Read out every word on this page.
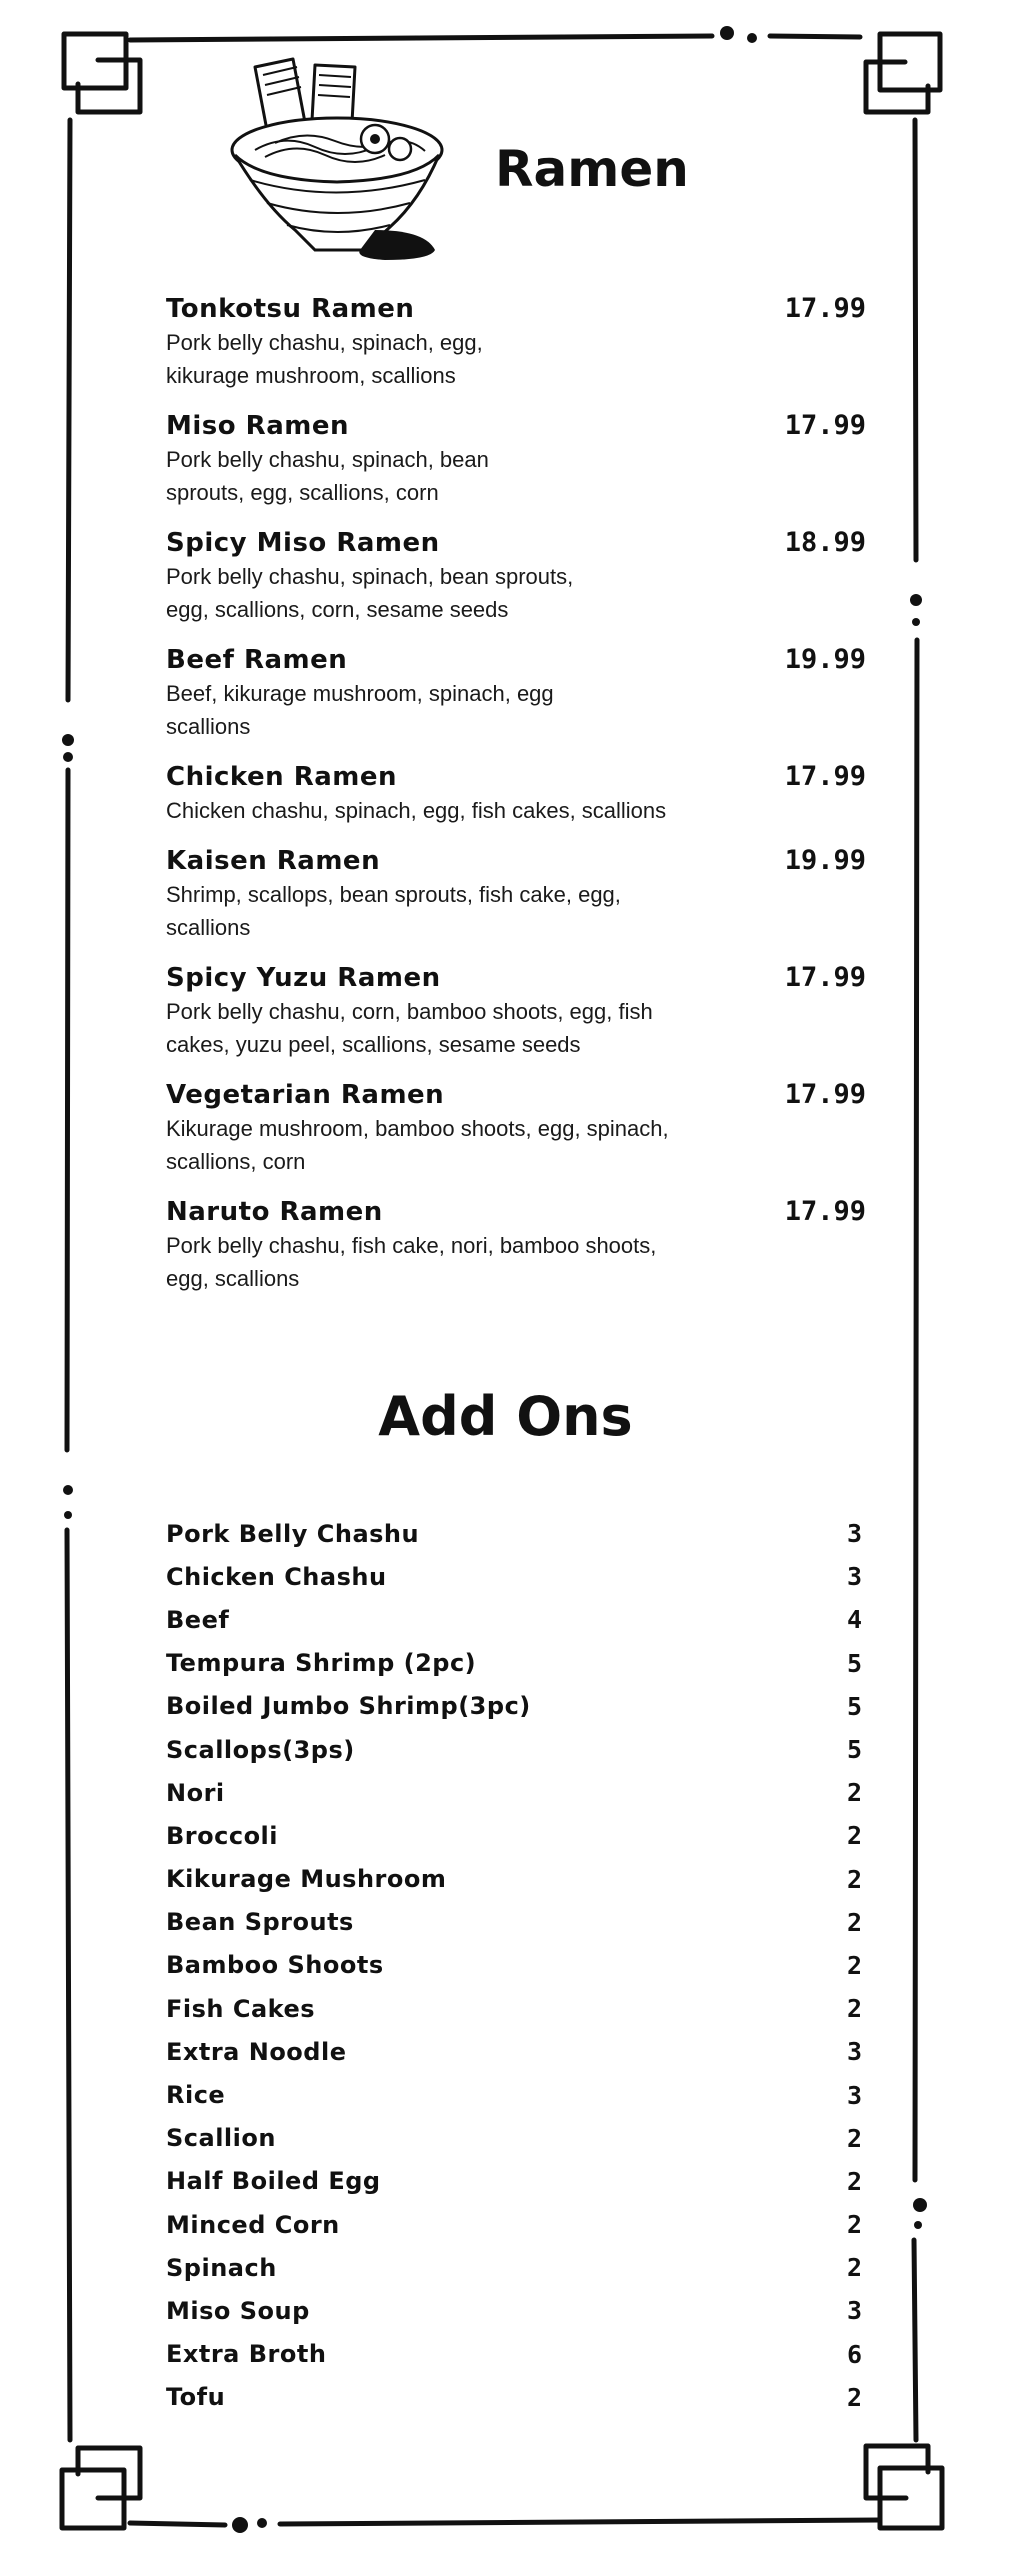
Ramen
Tonkotsu Ramen	17.99
Pork belly chashu, spinach, egg,
kikurage mushroom, scallions
Miso Ramen	17.99
Pork belly chashu, spinach, bean
sprouts, egg, scallions, corn
Spicy Miso Ramen	18.99
Pork belly chashu, spinach, bean sprouts,
egg, scallions, corn, sesame seeds
Beef Ramen	19.99
Beef, kikurage mushroom, spinach, egg
scallions
Chicken Ramen	17.99
Chicken chashu, spinach, egg, fish cakes, scallions
Kaisen Ramen	19.99
Shrimp, scallops, bean sprouts, fish cake, egg,
scallions
Spicy Yuzu Ramen	17.99
Pork belly chashu, corn, bamboo shoots, egg, fish
cakes, yuzu peel, scallions, sesame seeds
Vegetarian Ramen	17.99
Kikurage mushroom, bamboo shoots, egg, spinach,
scallions, corn
Naruto Ramen	17.99
Pork belly chashu, fish cake, nori, bamboo shoots,
egg, scallions
Add Ons
Pork Belly Chashu	3
Chicken Chashu	3
Beef	4
Tempura Shrimp (2pc)	5
Boiled Jumbo Shrimp(3pc)	5
Scallops(3ps)	5
Nori	2
Broccoli	2
Kikurage Mushroom	2
Bean Sprouts	2
Bamboo Shoots	2
Fish Cakes	2
Extra Noodle	3
Rice	3
Scallion	2
Half Boiled Egg	2
Minced Corn	2
Spinach	2
Miso Soup	3
Extra Broth	6
Tofu	2
